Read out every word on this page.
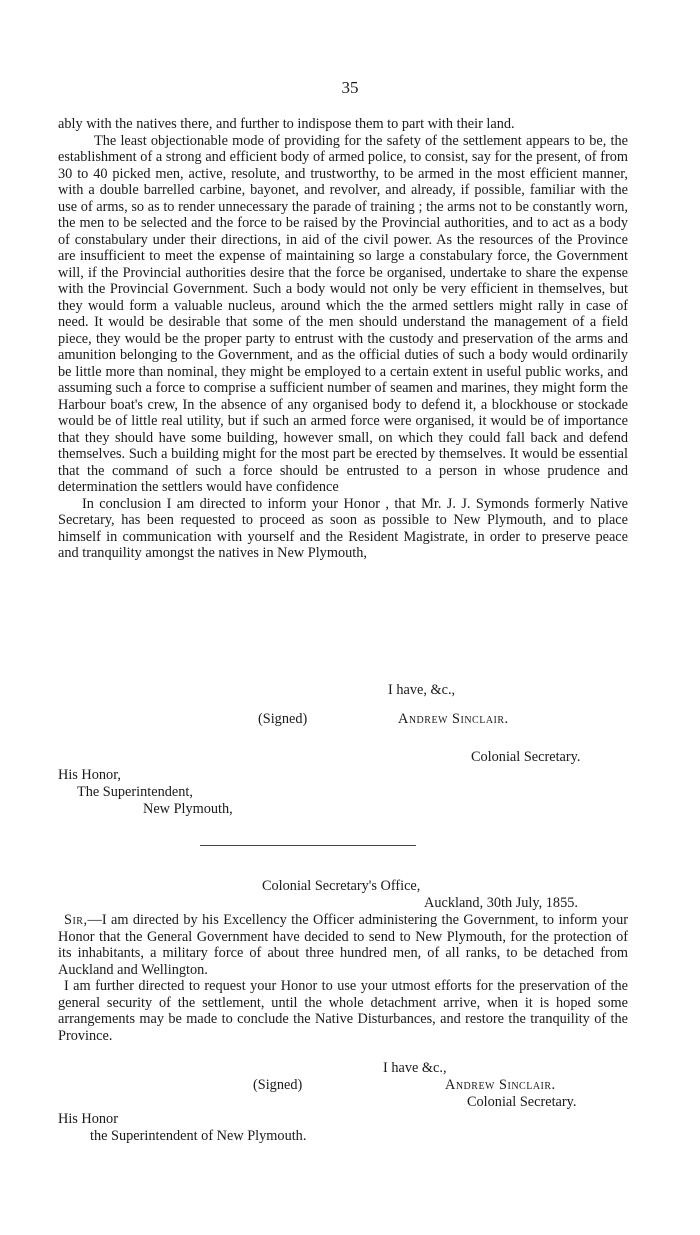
35

ably with the natives there, and further to indispose them to part with their land.

The least objectionable mode of providing for the safety of the settlement appears to be, the establishment of a strong and efficient body of armed police, to consist, say for the present, of from 30 to 40 picked men, active, resolute, and trustworthy, to be armed in the most efficient manner, with a double barrelled carbine, bayonet, and revolver, and already, if possible, familiar with the use of arms, so as to render unnecessary the parade of training ; the arms not to be constantly worn, the men to be selected and the force to be raised by the Provincial authorities, and to act as a body of constabulary under their directions, in aid of the civil power. As the resources of the Province are insufficient to meet the expense of maintaining so large a constabulary force, the Government will, if the Provincial authorities desire that the force be organised, undertake to share the expense with the Provincial Government. Such a body would not only be very efficient in themselves, but they would form a valuable nucleus, around which the the armed settlers might rally in case of need. It would be desirable that some of the men should understand the management of a field piece, they would be the proper party to entrust with the custody and preservation of the arms and amunition belonging to the Government, and as the official duties of such a body would ordinarily be little more than nominal, they might be employed to a certain extent in useful public works, and assuming such a force to comprise a sufficient number of seamen and marines, they might form the Harbour boat's crew, In the absence of any organised body to defend it, a blockhouse or stockade would be of little real utility, but if such an armed force were organised, it would be of importance that they should have some building, however small, on which they could fall back and defend themselves. Such a building might for the most part be erected by themselves. It would be essential that the command of such a force should be entrusted to a person in whose prudence and determination the settlers would have confidence

In conclusion I am directed to inform your Honor , that Mr. J. J. Symonds formerly Native Secretary, has been requested to proceed as soon as possible to New Plymouth, and to place himself in communication with yourself and the Resident Magistrate, in order to preserve peace and tranquility amongst the natives in New Plymouth,

I have, &c.,
(Signed)	Andrew Sinclair.
Colonial Secretary.
His Honor,
The Superintendent,
New Plymouth,
Colonial Secretary's Office,
Auckland, 30th July, 1855.

Sir,—I am directed by his Excellency the Officer administering the Government, to inform your Honor that the General Government have decided to send to New Plymouth, for the protection of its inhabitants, a military force of about three hundred men, of all ranks, to be detached from Auckland and Wellington.

I am further directed to request your Honor to use your utmost efforts for the preservation of the general security of the settlement, until the whole detachment arrive, when it is hoped some arrangements may be made to conclude the Native Disturbances, and restore the tranquility of the Province.

I have &c.,
(Signed)	Andrew Sinclair.
Colonial Secretary.
His Honor
the Superintendent of New Plymouth.
